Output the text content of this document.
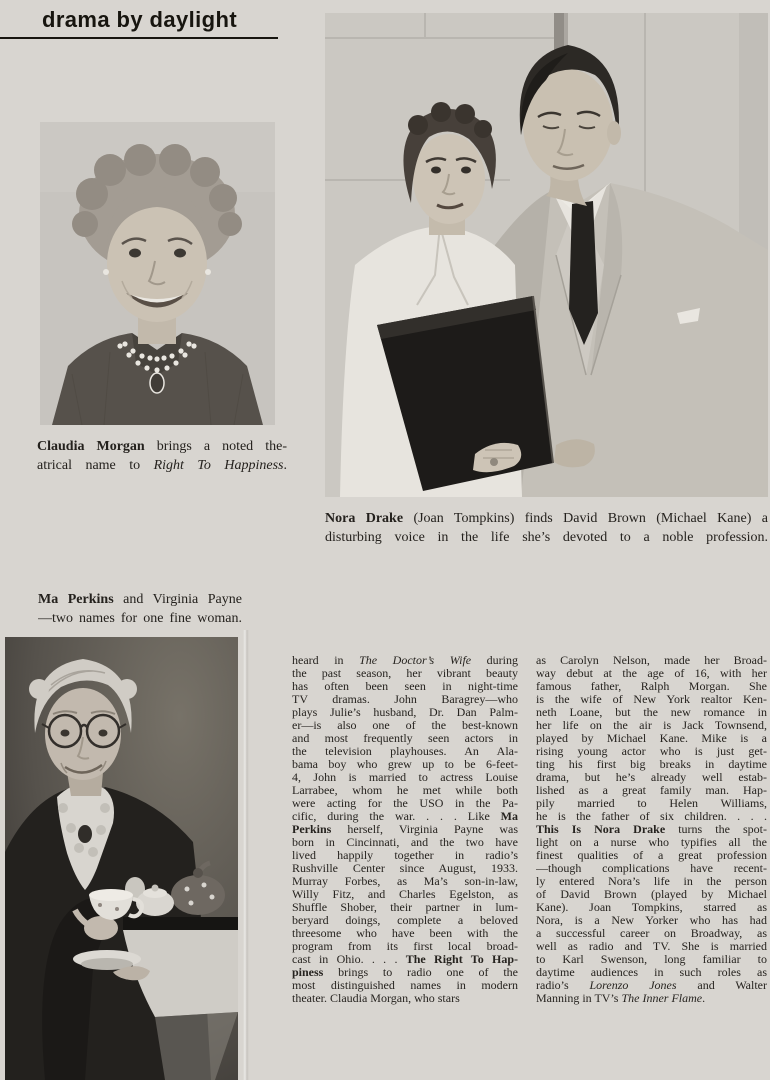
drama by daylight
Claudia Morgan brings a noted the-
atrical name to Right To Happiness.
Nora Drake (Joan Tompkins) finds David Brown (Michael Kane) a
disturbing voice in the life she’s devoted to a noble profession.
Ma Perkins and Virginia Payne
—two names for one fine woman.
heard in The Doctor’s Wife during
the past season, her vibrant beauty
has often been seen in night-time
TV dramas. John Baragrey—who
plays Julie’s husband, Dr. Dan Palm-
er—is also one of the best-known
and most frequently seen actors in
the television playhouses. An Ala-
bama boy who grew up to be 6-feet-
4, John is married to actress Louise
Larrabee, whom he met while both
were acting for the USO in the Pa-
cific, during the war. . . . Like Ma
Perkins herself, Virginia Payne was
born in Cincinnati, and the two have
lived happily together in radio’s
Rushville Center since August, 1933.
Murray Forbes, as Ma’s son-in-law,
Willy Fitz, and Charles Egelston, as
Shuffle Shober, their partner in lum-
beryard doings, complete a beloved
threesome who have been with the
program from its first local broad-
cast in Ohio. . . . The Right To Hap-
piness brings to radio one of the
most distinguished names in modern
theater. Claudia Morgan, who stars
as Carolyn Nelson, made her Broad-
way debut at the age of 16, with her
famous father, Ralph Morgan. She
is the wife of New York realtor Ken-
neth Loane, but the new romance in
her life on the air is Jack Townsend,
played by Michael Kane. Mike is a
rising young actor who is just get-
ting his first big breaks in daytime
drama, but he’s already well estab-
lished as a great family man. Hap-
pily married to Helen Williams,
he is the father of six children. . . .
This Is Nora Drake turns the spot-
light on a nurse who typifies all the
finest qualities of a great profession
—though complications have recent-
ly entered Nora’s life in the person
of David Brown (played by Michael
Kane). Joan Tompkins, starred as
Nora, is a New Yorker who has had
a successful career on Broadway, as
well as radio and TV. She is married
to Karl Swenson, long familiar to
daytime audiences in such roles as
radio’s Lorenzo Jones and Walter
Manning in TV’s The Inner Flame.
